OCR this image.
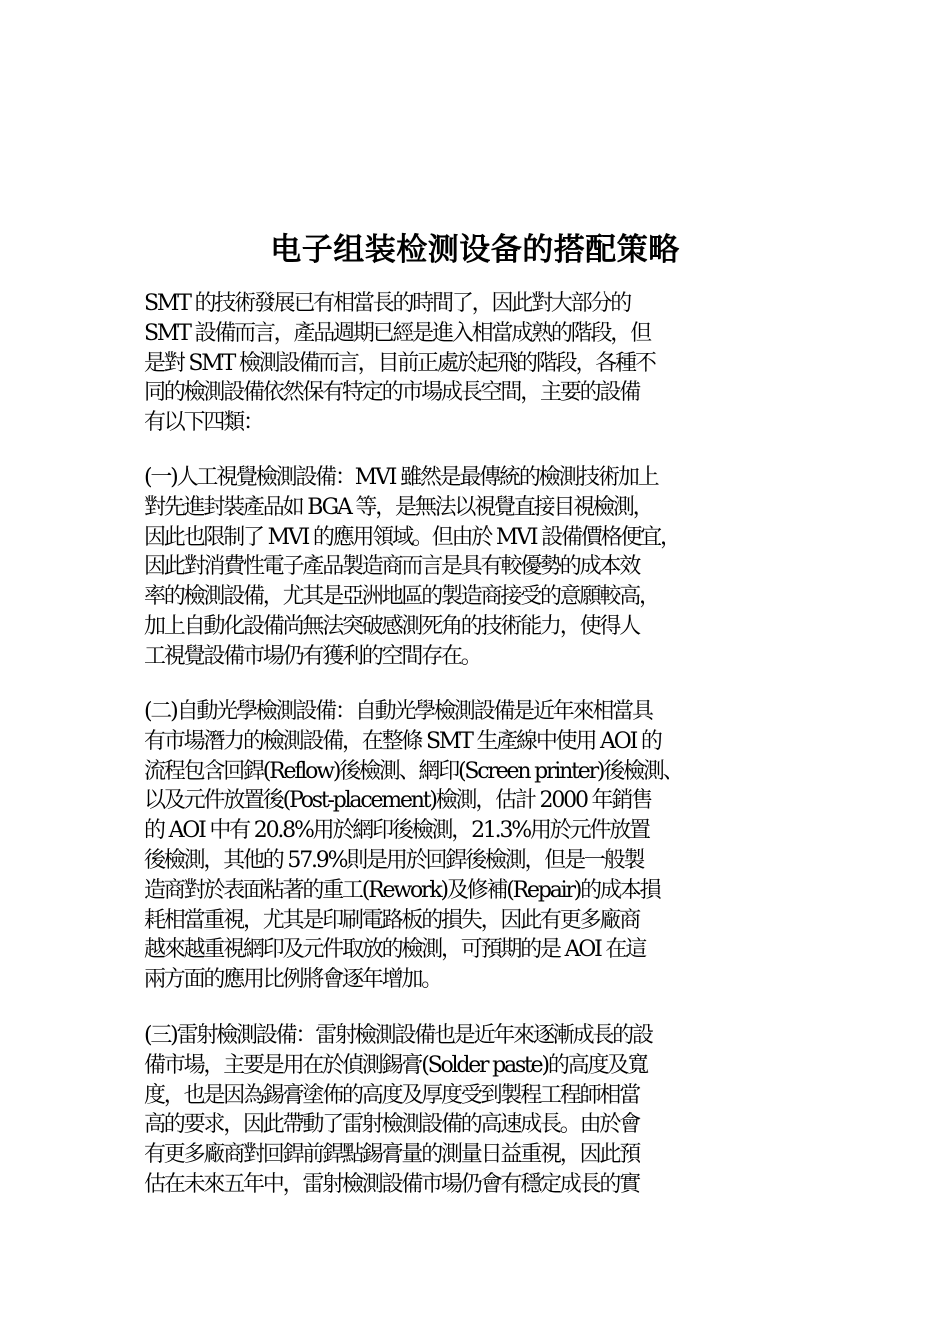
电子组装检测设备的搭配策略
SMT 的技術發展已有相當長的時間了，因此對大部分的
SMT 設備而言，產品週期已經是進入相當成熟的階段，但
是對 SMT 檢測設備而言，目前正處於起飛的階段，各種不
同的檢測設備依然保有特定的市場成長空間，主要的設備
有以下四類：
(一)人工視覺檢測設備：MVI 雖然是最傳統的檢測技術加上
對先進封裝產品如 BGA 等，是無法以視覺直接目視檢測，
因此也限制了 MVI 的應用領域。但由於 MVI 設備價格便宜，
因此對消費性電子產品製造商而言是具有較優勢的成本效
率的檢測設備，尤其是亞洲地區的製造商接受的意願較高，
加上自動化設備尚無法突破感測死角的技術能力，使得人
工視覺設備市場仍有獲利的空間存在。
(二)自動光學檢測設備：自動光學檢測設備是近年來相當具
有市場潛力的檢測設備，在整條 SMT 生產線中使用 AOI 的
流程包含回銲(Reflow)後檢測、網印(Screen printer)後檢測、
以及元件放置後(Post-placement)檢測，估計 2000 年銷售
的 AOI 中有 20.8%用於網印後檢測，21.3%用於元件放置
後檢測，其他的 57.9%則是用於回銲後檢測，但是一般製
造商對於表面粘著的重工(Rework)及修補(Repair)的成本損
耗相當重視，尤其是印刷電路板的損失，因此有更多廠商
越來越重視網印及元件取放的檢測，可預期的是 AOI 在這
兩方面的應用比例將會逐年增加。
(三)雷射檢測設備：雷射檢測設備也是近年來逐漸成長的設
備市場，主要是用在於偵測錫膏(Solder paste)的高度及寬
度，也是因為錫膏塗佈的高度及厚度受到製程工程師相當
高的要求，因此帶動了雷射檢測設備的高速成長。由於會
有更多廠商對回銲前銲點錫膏量的測量日益重視，因此預
估在未來五年中，雷射檢測設備市場仍會有穩定成長的實
